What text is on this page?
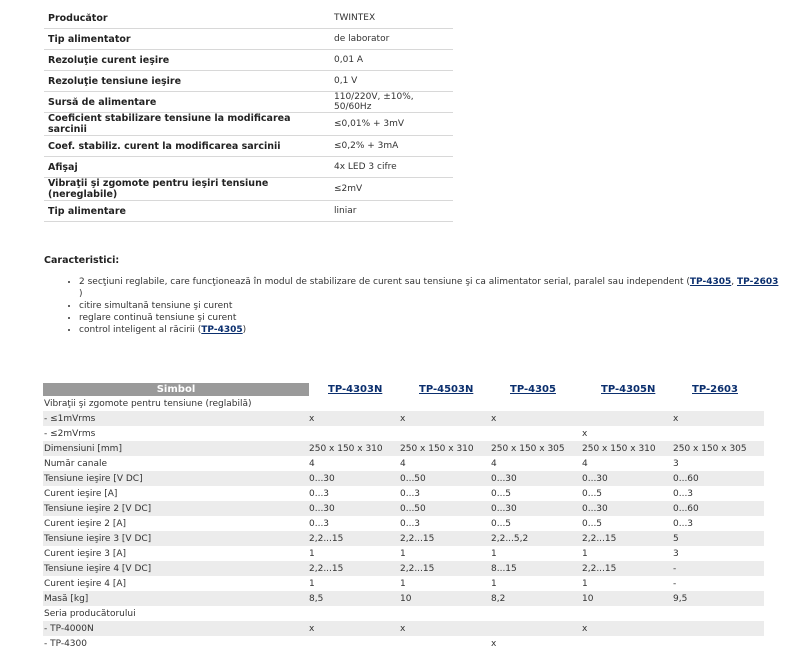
Producător	TWINTEX
Tip alimentator	de laborator
Rezoluţie curent ieşire	0,01 A
Rezoluţie tensiune ieşire	0,1 V
Sursă de alimentare	110/220V, ±10%, 50/60Hz
Coeficient stabilizare tensiune la modificarea sarcinii	≤0,01% + 3mV
Coef. stabiliz. curent la modificarea sarcinii	≤0,2% + 3mA
Afişaj	4x LED 3 cifre
Vibraţii şi zgomote pentru ieşiri tensiune (nereglabile)	≤2mV
Tip alimentare	liniar
Caracteristici:
• 2 secţiuni reglabile, care funcţionează în modul de stabilizare de curent sau tensiune şi ca alimentator serial, paralel sau independent (TP-4305, TP-2603
)
• citire simultană tensiune şi curent
• reglare continuă tensiune şi curent
• control inteligent al răcirii (TP-4305)
Simbol	TP-4303N	TP-4503N	TP-4305	TP-4305N	TP-2603
Vibraţii şi zgomote pentru tensiune (reglabilă)					
- ≤1mVrms	x	x	x		x
- ≤2mVrms				x	
Dimensiuni [mm]	250 x 150 x 310	250 x 150 x 310	250 x 150 x 305	250 x 150 x 310	250 x 150 x 305
Număr canale	4	4	4	4	3
Tensiune ieşire [V DC]	0...30	0...50	0...30	0...30	0...60
Curent ieşire [A]	0...3	0...3	0...5	0...5	0...3
Tensiune ieşire 2 [V DC]	0...30	0...50	0...30	0...30	0...60
Curent ieşire 2 [A]	0...3	0...3	0...5	0...5	0...3
Tensiune ieşire 3 [V DC]	2,2...15	2,2...15	2,2...5,2	2,2...15	5
Curent ieşire 3 [A]	1	1	1	1	3
Tensiune ieşire 4 [V DC]	2,2...15	2,2...15	8...15	2,2...15	-
Curent ieşire 4 [A]	1	1	1	1	-
Masă [kg]	8,5	10	8,2	10	9,5
Seria producătorului					
- TP-4000N	x	x		x	
- TP-4300			x		
